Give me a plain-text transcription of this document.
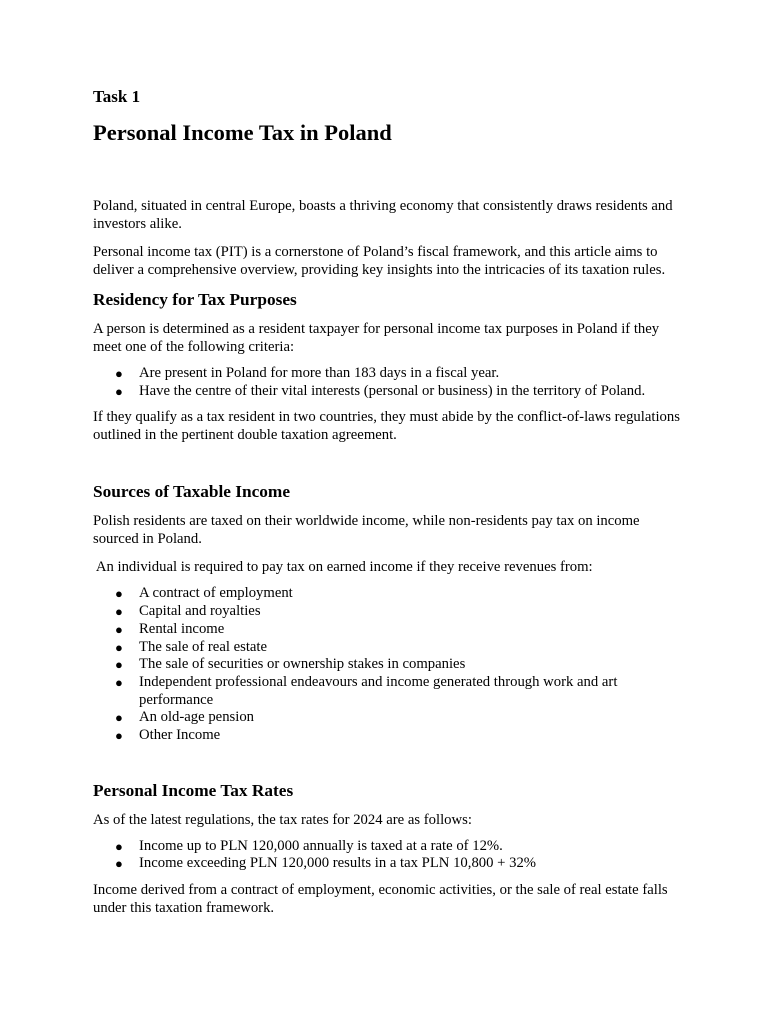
Task 1
Personal Income Tax in Poland

Poland, situated in central Europe, boasts a thriving economy that consistently draws residents and investors alike.

Personal income tax (PIT) is a cornerstone of Poland’s fiscal framework, and this article aims to deliver a comprehensive overview, providing key insights into the intricacies of its taxation rules.

Residency for Tax Purposes

A person is determined as a resident taxpayer for personal income tax purposes in Poland if they meet one of the following criteria:

● Are present in Poland for more than 183 days in a fiscal year.
● Have the centre of their vital interests (personal or business) in the territory of Poland.

If they qualify as a tax resident in two countries, they must abide by the conflict-of-laws regulations outlined in the pertinent double taxation agreement.

Sources of Taxable Income

Polish residents are taxed on their worldwide income, while non-residents pay tax on income sourced in Poland.

An individual is required to pay tax on earned income if they receive revenues from:

● A contract of employment
● Capital and royalties
● Rental income
● The sale of real estate
● The sale of securities or ownership stakes in companies
● Independent professional endeavours and income generated through work and art performance
● An old-age pension
● Other Income
Personal Income Tax Rates

As of the latest regulations, the tax rates for 2024 are as follows:

● Income up to PLN 120,000 annually is taxed at a rate of 12%.
● Income exceeding PLN 120,000 results in a tax PLN 10,800 + 32%

Income derived from a contract of employment, economic activities, or the sale of real estate falls under this taxation framework.
